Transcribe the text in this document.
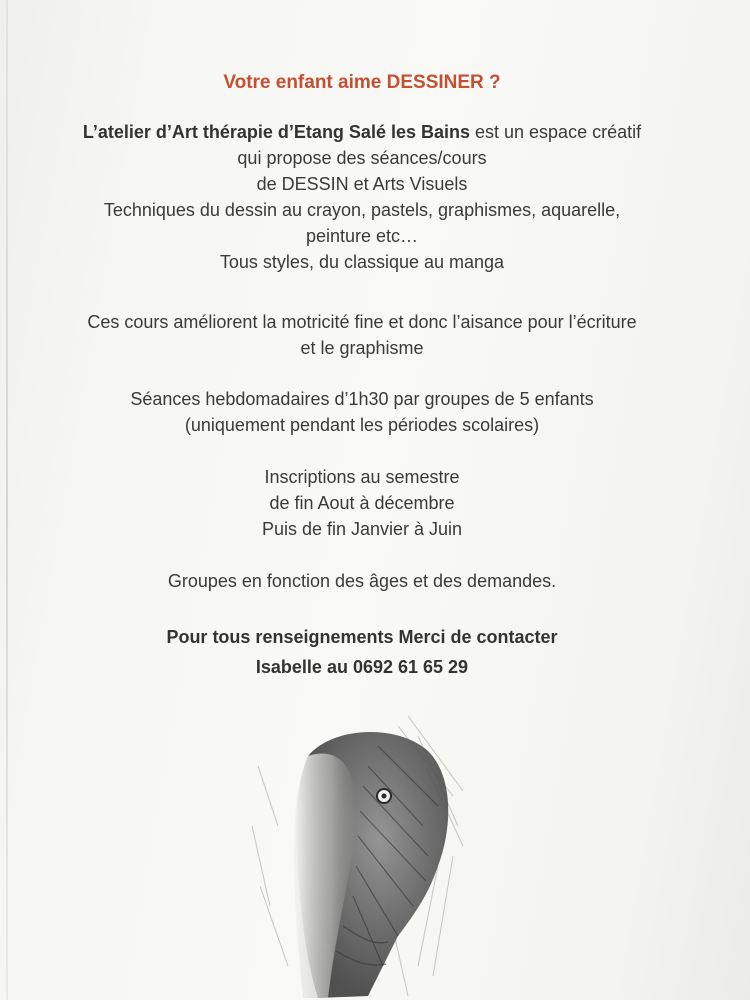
Votre enfant aime DESSINER ?
L’atelier d’Art thérapie d’Etang Salé les Bains est un espace créatif
qui propose des séances/cours
de DESSIN et Arts Visuels
Techniques du dessin au crayon, pastels, graphismes, aquarelle,
peinture etc…
Tous styles, du classique au manga
Ces cours améliorent la motricité fine et donc l’aisance pour l’écriture
et le graphisme
Séances hebdomadaires d’1h30 par groupes de 5 enfants
(uniquement pendant les périodes scolaires)
Inscriptions au semestre
de fin Aout à décembre
Puis de fin Janvier à Juin
Groupes en fonction des âges et des demandes.
Pour tous renseignements Merci de contacter
Isabelle au 0692 61 65 29
